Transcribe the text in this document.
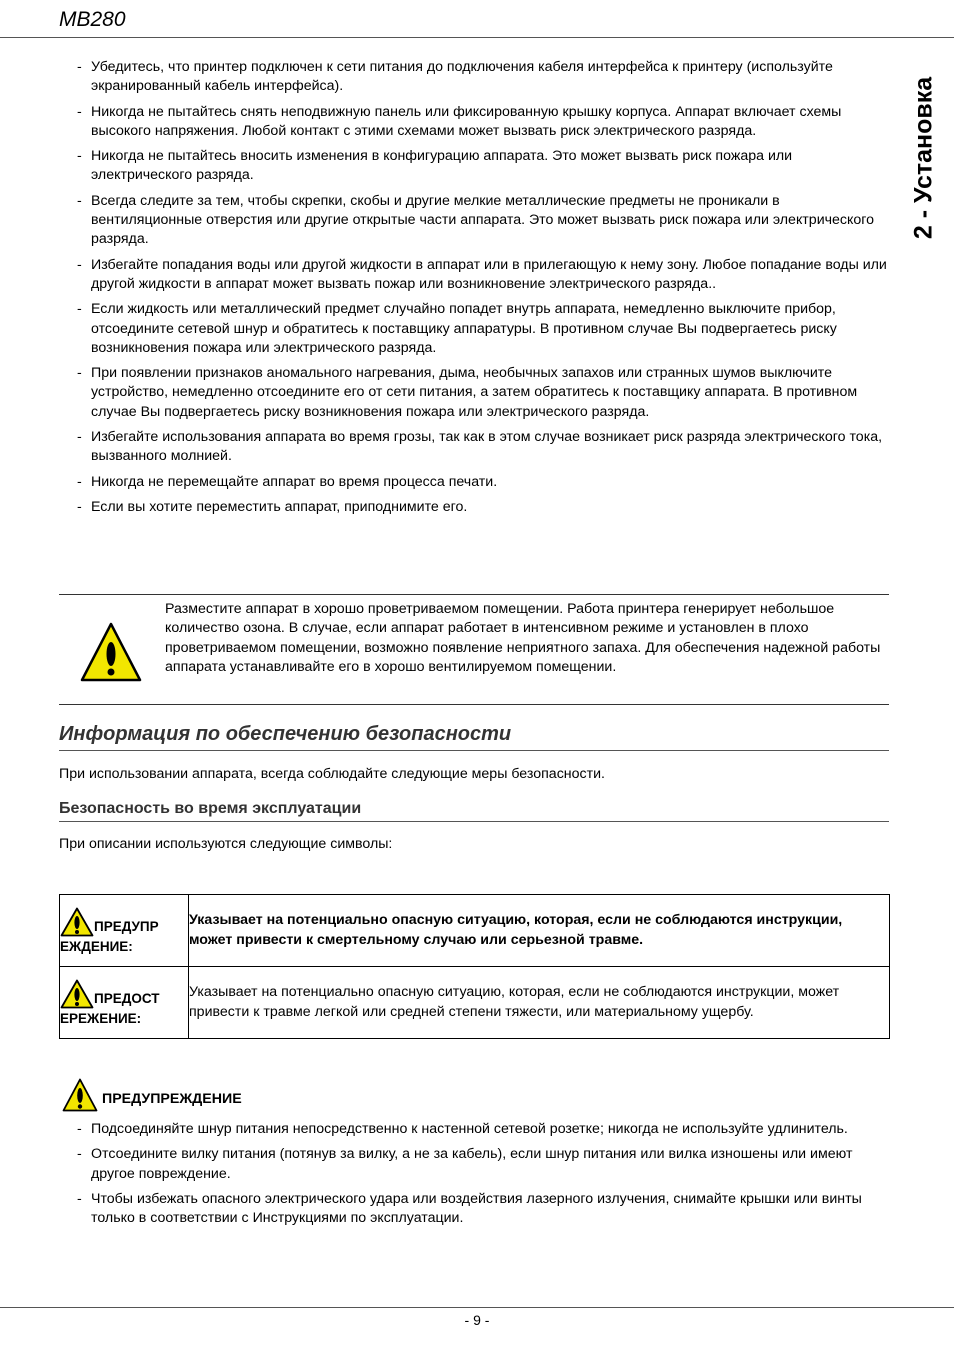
MB280
2 - Установка
- Убедитесь, что принтер подключен к сети питания до подключения кабеля интерфейса к принтеру (используйте экранированный кабель интерфейса).
- Никогда не пытайтесь снять неподвижную панель или фиксированную крышку корпуса. Аппарат включает схемы высокого напряжения. Любой контакт с этими схемами может вызвать риск электрического разряда.
- Никогда не пытайтесь вносить изменения в конфигурацию аппарата. Это может вызвать риск пожара или электрического разряда.
- Всегда следите за тем, чтобы скрепки, скобы и другие мелкие металлические предметы не проникали в вентиляционные отверстия или другие открытые части аппарата. Это может вызвать риск пожара или электрического разряда.
- Избегайте попадания воды или другой жидкости в аппарат или в прилегающую к нему зону. Любое попадание воды или другой жидкости в аппарат может вызвать пожар или возникновение электрического разряда..
- Если жидкость или металлический предмет случайно попадет внутрь аппарата, немедленно выключите прибор, отсоедините сетевой шнур и обратитесь к поставщику аппаратуры. В противном случае Вы подвергаетесь риску возникновения пожара или электрического разряда.
- При появлении признаков аномального нагревания, дыма, необычных запахов или странных шумов выключите устройство, немедленно отсоедините его от сети питания, а затем обратитесь к поставщику аппарата. В противном случае Вы подвергаетесь риску возникновения пожара или электрического разряда.
- Избегайте использования аппарата во время грозы, так как в этом случае возникает риск разряда электрического тока, вызванного молнией.
- Никогда не перемещайте аппарат во время процесса печати.
- Если вы хотите переместить аппарат, приподнимите его.
Разместите аппарат в хорошо проветриваемом помещении. Работа принтера генерирует небольшое количество озона. В случае, если аппарат работает в интенсивном режиме и установлен в плохо проветриваемом помещении, возможно появление неприятного запаха. Для обеспечения надежной работы аппарата устанавливайте его в хорошо вентилируемом помещении.
Информация по обеспечению безопасности
При использовании аппарата, всегда соблюдайте следующие меры безопасности.
Безопасность во время эксплуатации
При описании используются следующие символы:
ПРЕДУПР
ЕЖДЕНИЕ:	Указывает на потенциально опасную ситуацию, которая, если не соблюдаются инструкции, может привести к смертельному случаю или серьезной травме.
ПРЕДОСТ
ЕРЕЖЕНИЕ:	Указывает на потенциально опасную ситуацию, которая, если не соблюдаются инструкции, может привести к травме легкой или средней степени тяжести, или материальному ущербу.
ПРЕДУПРЕЖДЕНИЕ
- Подсоединяйте шнур питания непосредственно к настенной сетевой розетке; никогда не используйте удлинитель.
- Отсоедините вилку питания (потянув за вилку, а не за кабель), если шнур питания или вилка изношены или имеют другое повреждение.
- Чтобы избежать опасного электрического удара или воздействия лазерного излучения, снимайте крышки или винты только в соответствии с Инструкциями по эксплуатации.
- 9 -
